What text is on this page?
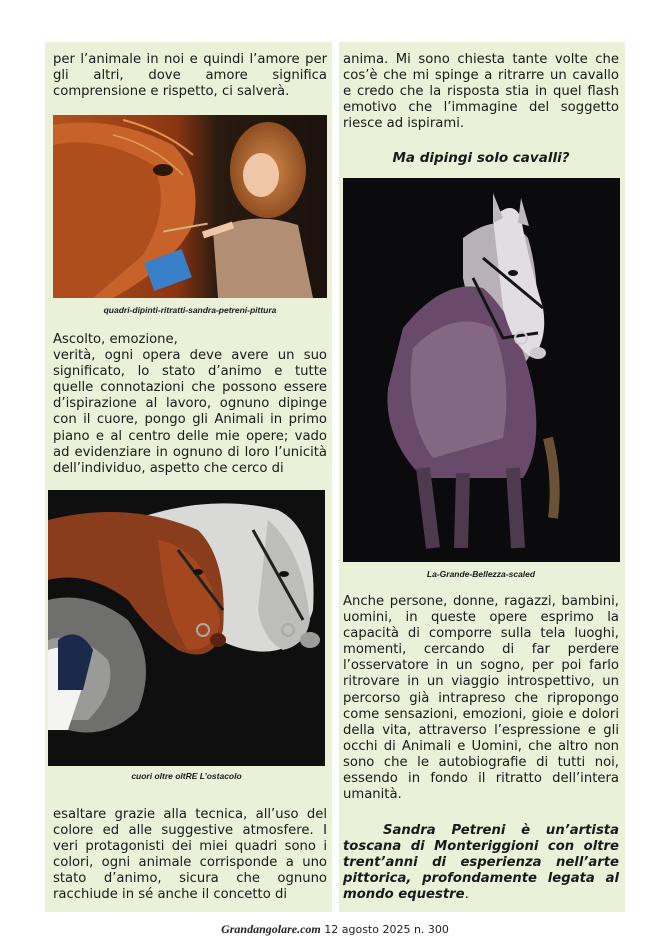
per l’animale in noi e quindi l’amore per gli altri, dove amore significa comprensione e rispetto, ci salverà.

quadri-dipinti-ritratti-sandra-petreni-pittura

Ascolto, emozione,
verità, ogni opera deve avere un suo significato, lo stato d’animo e tutte quelle connotazioni che possono essere d’ispirazione al lavoro, ognuno dipinge con il cuore, pongo gli Animali in primo piano e al centro delle mie opere; vado ad evidenziare in ognuno di loro l’unicità dell’individuo, aspetto che cerco di

cuori oltre oltRE L’ostacolo

esaltare grazie alla tecnica, all’uso del colore ed alle suggestive atmosfere. I veri protagonisti dei miei quadri sono i colori, ogni animale corrisponde a uno stato d’animo, sicura che ognuno racchiude in sé anche il concetto di

anima. Mi sono chiesta tante volte che cos’è che mi spinge a ritrarre un cavallo e credo che la risposta stia in quel flash emotivo che l’immagine del soggetto riesce ad ispirami.

Ma dipingi solo cavalli?

La-Grande-Bellezza-scaled

Anche persone, donne, ragazzi, bambini, uomini, in queste opere esprimo la capacità di comporre sulla tela luoghi, momenti, cercando di far perdere l’osservatore in un sogno, per poi farlo ritrovare in un viaggio introspettivo, un percorso già intrapreso che ripropongo come sensazioni, emozioni, gioie e dolori della vita, attraverso l’espressione e gli occhi di Animali e Uomini, che altro non sono che le autobiografie di tutti noi, essendo in fondo il ritratto dell’intera umanità.

Sandra Petreni è un’artista toscana di Monteriggioni con oltre trent’anni di esperienza nell’arte pittorica, profondamente legata al mondo equestre.

Grandangolare.com 12 agosto 2025 n. 300
